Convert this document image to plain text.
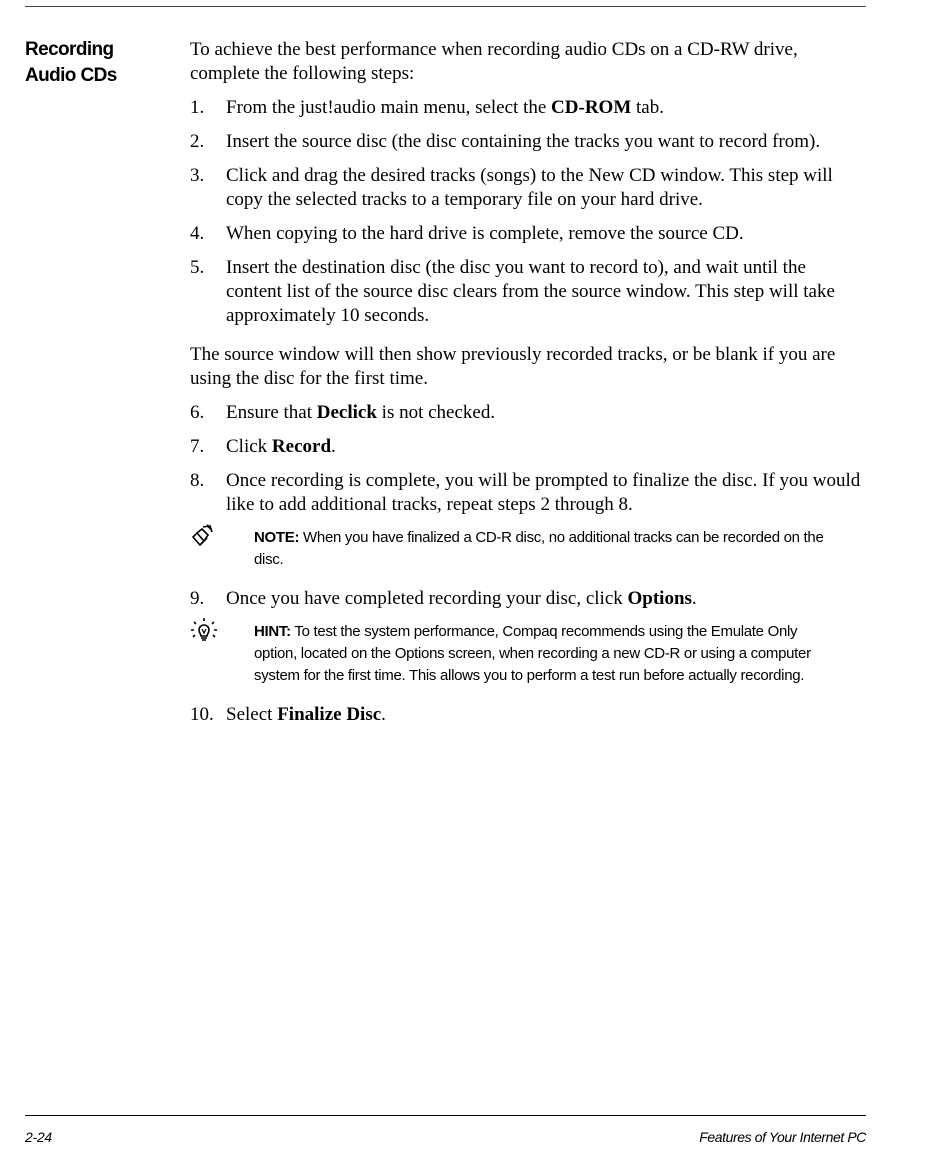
Recording
Audio CDs

To achieve the best performance when recording audio CDs on a CD-RW drive, complete the following steps:

1. From the just!audio main menu, select the CD-ROM tab.
2. Insert the source disc (the disc containing the tracks you want to record from).
3. Click and drag the desired tracks (songs) to the New CD window. This step will copy the selected tracks to a temporary file on your hard drive.
4. When copying to the hard drive is complete, remove the source CD.
5. Insert the destination disc (the disc you want to record to), and wait until the content list of the source disc clears from the source window. This step will take approximately 10 seconds.

The source window will then show previously recorded tracks, or be blank if you are using the disc for the first time.

6. Ensure that Declick is not checked.
7. Click Record.
8. Once recording is complete, you will be prompted to finalize the disc. If you would like to add additional tracks, repeat steps 2 through 8.
NOTE: When you have finalized a CD-R disc, no additional tracks can be recorded on the disc.
9. Once you have completed recording your disc, click Options.
HINT: To test the system performance, Compaq recommends using the Emulate Only option, located on the Options screen, when recording a new CD-R or using a computer system for the first time. This allows you to perform a test run before actually recording.
10. Select Finalize Disc.
2-24	Features of Your Internet PC
